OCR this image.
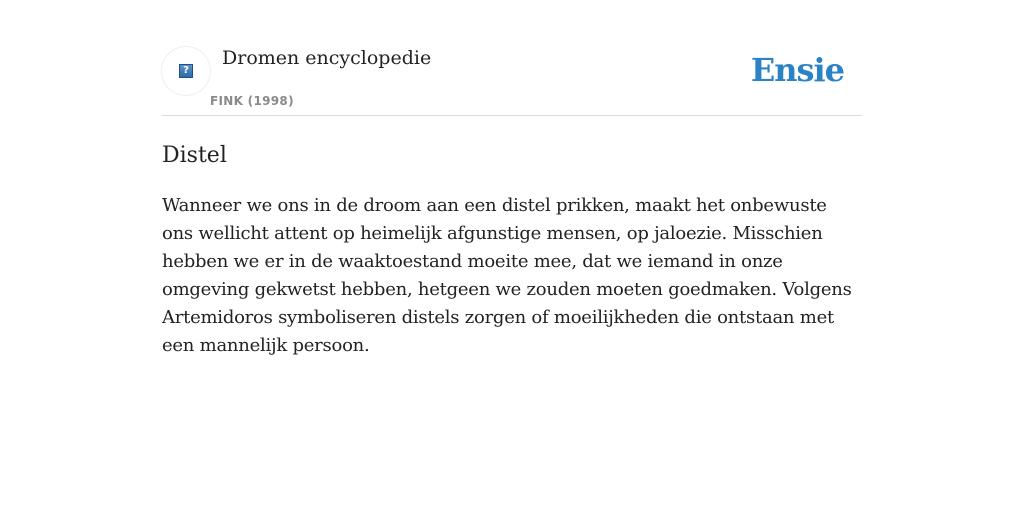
?
Dromen encyclopedie
FINK (1998)
Ensie
Distel

Wanneer we ons in de droom aan een distel prikken, maakt het onbewuste ons wellicht attent op heimelijk afgunstige mensen, op jaloezie. Misschien hebben we er in de waaktoestand moeite mee, dat we iemand in onze omgeving gekwetst hebben, hetgeen we zouden moeten goedmaken. Volgens Artemidoros symboliseren distels zorgen of moeilijkheden die ontstaan met een mannelijk persoon.
